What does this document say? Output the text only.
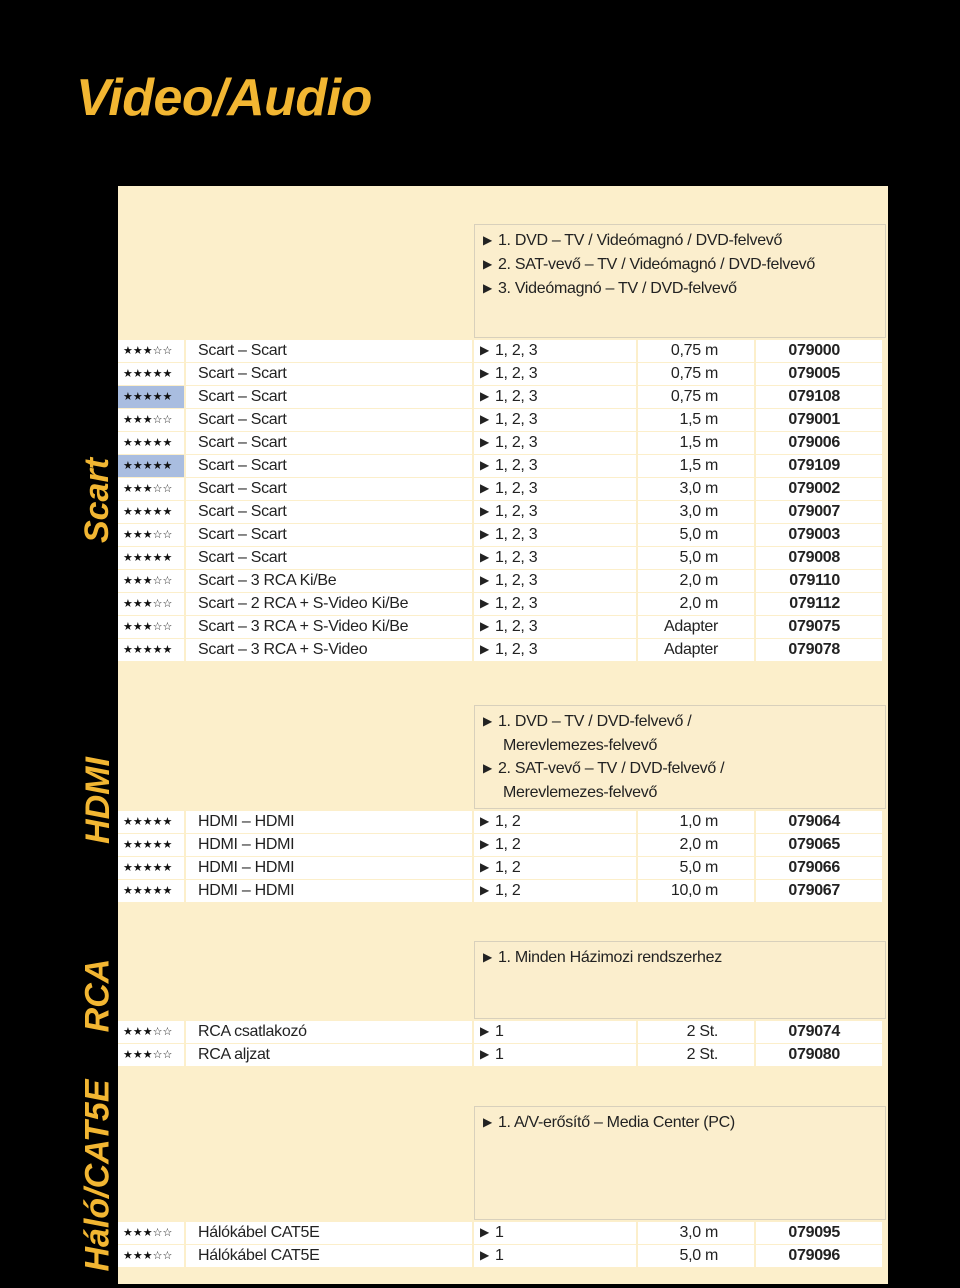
Video/Audio
Scart
HDMI
RCA
Háló/CAT5E
▶ 1. DVD – TV / Videómagnó / DVD-felvevő
▶ 2. SAT-vevő – TV / Videómagnó / DVD-felvevő
▶ 3. Videómagnó – TV / DVD-felvevő
★★★☆☆	Scart – Scart	▶ 1, 2, 3	0,75 m	079000
★★★★★	Scart – Scart	▶ 1, 2, 3	0,75 m	079005
★★★★★	Scart – Scart	▶ 1, 2, 3	0,75 m	079108
★★★☆☆	Scart – Scart	▶ 1, 2, 3	1,5 m	079001
★★★★★	Scart – Scart	▶ 1, 2, 3	1,5 m	079006
★★★★★	Scart – Scart	▶ 1, 2, 3	1,5 m	079109
★★★☆☆	Scart – Scart	▶ 1, 2, 3	3,0 m	079002
★★★★★	Scart – Scart	▶ 1, 2, 3	3,0 m	079007
★★★☆☆	Scart – Scart	▶ 1, 2, 3	5,0 m	079003
★★★★★	Scart – Scart	▶ 1, 2, 3	5,0 m	079008
★★★☆☆	Scart – 3 RCA Ki/Be	▶ 1, 2, 3	2,0 m	079110
★★★☆☆	Scart – 2 RCA + S-Video Ki/Be	▶ 1, 2, 3	2,0 m	079112
★★★☆☆	Scart – 3 RCA + S-Video Ki/Be	▶ 1, 2, 3	Adapter	079075
★★★★★	Scart – 3 RCA + S-Video	▶ 1, 2, 3	Adapter	079078
▶ 1. DVD – TV / DVD-felvevő /
Merevlemezes-felvevő
▶ 2. SAT-vevő – TV / DVD-felvevő /
Merevlemezes-felvevő
★★★★★	HDMI – HDMI	▶ 1, 2	1,0 m	079064
★★★★★	HDMI – HDMI	▶ 1, 2	2,0 m	079065
★★★★★	HDMI – HDMI	▶ 1, 2	5,0 m	079066
★★★★★	HDMI – HDMI	▶ 1, 2	10,0 m	079067
▶ 1. Minden Házimozi rendszerhez
★★★☆☆	RCA csatlakozó	▶ 1	2 St.	079074
★★★☆☆	RCA aljzat	▶ 1	2 St.	079080
▶ 1. A/V-erősítő – Media Center (PC)
★★★☆☆	Hálókábel CAT5E	▶ 1	3,0 m	079095
★★★☆☆	Hálókábel CAT5E	▶ 1	5,0 m	079096
